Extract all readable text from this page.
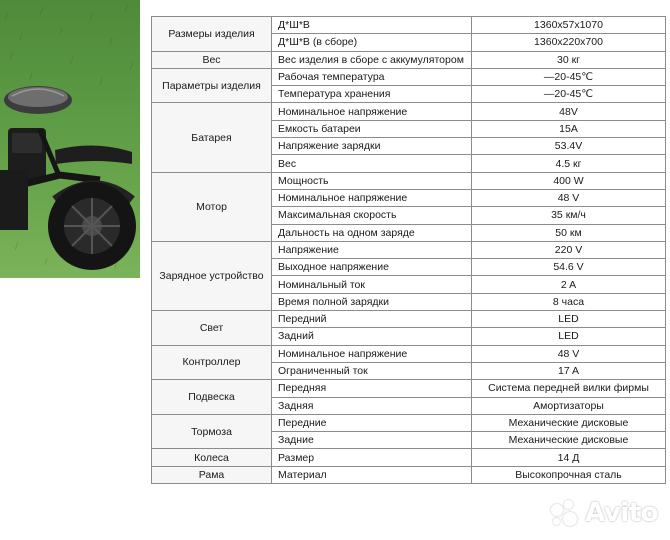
Размеры изделия	Д*Ш*В	1360x57x1070
	Д*Ш*В (в сборе)	1360x220x700
Вес	Вес изделия в сборе с аккумулятором	30 кг
Параметры изделия	Рабочая температура	—20-45℃
	Температура хранения	—20-45℃
Батарея	Номинальное напряжение	48V
	Емкость батареи	15A
	Напряжение зарядки	53.4V
	Вес	4.5 кг
Мотор	Мощность	400 W
	Номинальное напряжение	48 V
	Максимальная скорость	35 км/ч
	Дальность на одном заряде	50 км
Зарядное устройство	Напряжение	220 V
	Выходное напряжение	54.6 V
	Номинальный ток	2 A
	Время полной зарядки	8 часа
Свет	Передний	LED
	Задний	LED
Контроллер	Номинальное напряжение	48 V
	Ограниченный ток	17 A
Подвеска	Передняя	Система передней вилки фирмы
	Задняя	Амортизаторы
Тормоза	Передние	Механические дисковые
	Задние	Механические дисковые
Колеса	Размер	14 Д
Рама	Материал	Высокопрочная сталь
Avito
